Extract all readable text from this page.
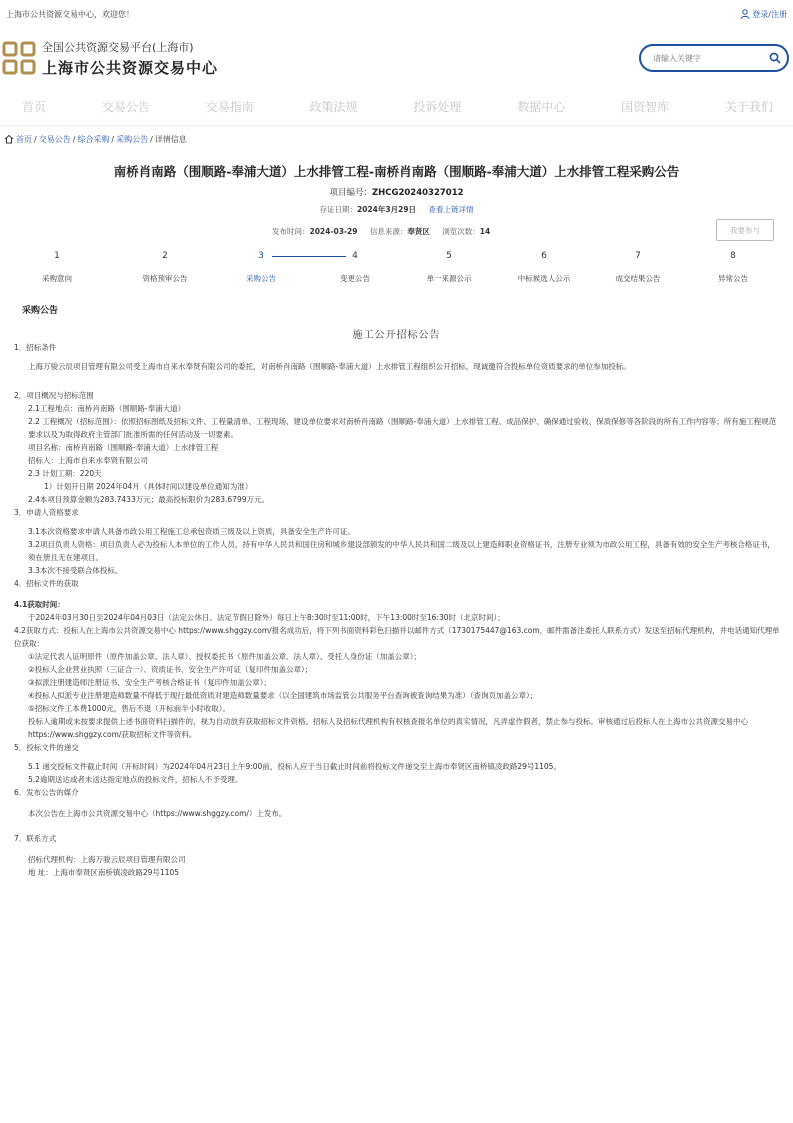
上海市公共资源交易中心，欢迎您！	登录/注册
全国公共资源交易平台(上海市)
上海市公共资源交易中心
请输入关键字
首页	交易公告	交易指南	政策法规	投诉处理	数据中心	国资智库	关于我们
首页 / 交易公告 / 综合采购 / 采购公告 / 详情信息
南桥肖南路（围顺路-奉浦大道）上水排管工程-南桥肖南路（围顺路-奉浦大道）上水排管工程采购公告
项目编号：ZHCG20240327012
存证日期：2024年3月29日 查看上链详情
发布时间：2024-03-29 信息来源：奉贤区 浏览次数：14	我要参与
1
采购意向
2
资格预审公告
3
采购公告
4
变更公告
5
单一来源公示
6
中标候选人公示
7
成交结果公告
8
异常公告
采购公告
施工公开招标公告

1．招标条件

上海万骏云辰项目管理有限公司受上海市自来水奉贤有限公司的委托，对南桥肖南路（围顺路-奉浦大道）上水排管工程组织公开招标，现诚邀符合投标单位资质要求的单位参加投标。

2．项目概况与招标范围

2.1工程地点：南桥肖南路（围顺路-奉浦大道）

2.2 工程概况（招标范围）：依照招标图纸及招标文件、工程量清单、工程现场、建设单位要求对南桥肖南路（围顺路-奉浦大道）上水排管工程、成品保护、确保通过验收、保质保修等各阶段的所有工作内容等；所有施工程规范要求以及为取得政府主管部门批准所需的任何活动及一切要素。

项目名称：南桥肖南路（围顺路-奉浦大道）上水排管工程

招标人：上海市自来水奉贤有限公司

2.3 计划工期：220天

1）计划开日期 2024年04月（具体时间以建设单位通知为准）

2.4本项目预算金额为283.7433万元；最高投标限价为283.6799万元。

3．申请人资格要求

3.1本次资格要求申请人具备市政公用工程施工总承包资质三级及以上资质，具备安全生产许可证。

3.2项目负责人资格：项目负责人必为投标人本单位的工作人员，持有中华人民共和国住房和城乡建设部颁发的中华人民共和国二级及以上建造师职业资格证书，注册专业须为市政公用工程，具备有效的安全生产考核合格证书，须在册且无在建项目。

3.3本次不接受联合体投标。

4．招标文件的获取

4.1获取时间：

于2024年03月30日至2024年04月03日（法定公休日、法定节假日除外）每日上午8:30时至11:00时，下午13:00时至16:30时（北京时间）；

4.2获取方式：投标人在上海市公共资源交易中心 https://www.shggzy.com/报名成功后，将下列书面资料彩色扫描并以邮件方式（1730175447@163.com，邮件需备注委托人联系方式）发送至招标代理机构，并电话通知代理单位获取：

①法定代表人证明原件（原件加盖公章、法人章）、授权委托书（原件加盖公章、法人章）、受托人身份证（加盖公章）；

②投标人企业营业执照（三证合一）、资质证书、安全生产许可证（复印件加盖公章）；

③拟派注册建造师注册证书、安全生产考核合格证书（复印件加盖公章）；

④投标人拟派专业注册建造师数量不得低于现行最低资质对建造师数量要求（以全国建筑市场监管公共服务平台查询被查询结果为准）（查询页加盖公章）；

⑤招标文件工本费1000元，售后不退（开标前半小时收取）。

投标人逾期或未按要求提供上述书面资料扫描件的，视为自动放弃获取招标文件资格。招标人及招标代理机构有权核查报名单位的真实情况，凡弄虚作假者，禁止参与投标。审核通过后投标人在上海市公共资源交易中心 https://www.shggzy.com/获取招标文件等资料。

5．投标文件的递交

5.1 递交投标文件截止时间（开标时间）为2024年04月23日上午9:00前，投标人应于当日截止时间前将投标文件递交至上海市奉贤区南桥镇凌政路29号1105。

5.2逾期送达或者未送达指定地点的投标文件，招标人不予受理。

6．发布公告的媒介

本次公告在上海市公共资源交易中心（https://www.shggzy.com/）上发布。

7．联系方式

招标代理机构：上海万骏云辰项目管理有限公司

地 址：上海市奉贤区南桥镇凌政路29号1105
